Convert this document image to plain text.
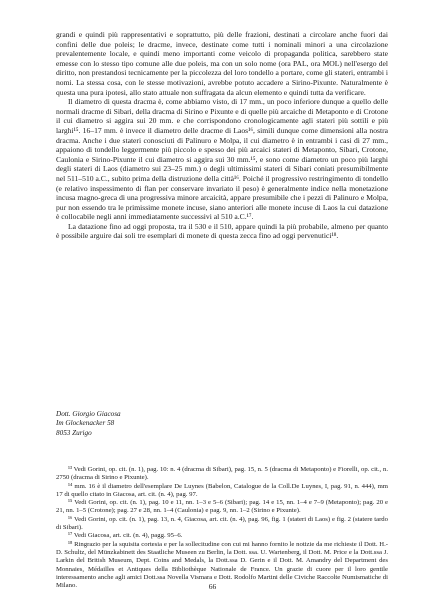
grandi e quindi più rappresentativi e soprattutto, più delle frazioni, destinati a circolare anche fuori dai confini delle due poleis; le dracme, invece, destinate come tutti i nominali minori a una circolazione prevalentemente locale, e quindi meno importanti come veicolo di propaganda politica, sarebbero state emesse con lo stesso tipo comune alle due poleis, ma con un solo nome (ora PAL, ora MOL) nell'esergo del diritto, non prestandosi tecnicamente per la piccolezza del loro tondello a portare, come gli stateri, entrambi i nomi. La stessa cosa, con le stesse motivazioni, avrebbe potuto accadere a Sirino-Pixunte. Naturalmente è questa una pura ipotesi, allo stato attuale non suffragata da alcun elemento e quindi tutta da verificare.

Il diametro di questa dracma è, come abbiamo visto, di 17 mm., un poco inferiore dunque a quello delle normali dracme di Sibari, della dracma di Sirino e Pixunte e di quelle più arcaiche di Metaponto e di Crotone il cui diametro si aggira sui 20 mm. e che corrispondono cronologicamente agli stateri più sottili e più larghi¹⁵. 16–17 mm. è invece il diametro delle dracme di Laos¹⁶, simili dunque come dimensioni alla nostra dracma. Anche i due stateri conosciuti di Palinuro e Molpa, il cui diametro è in entrambi i casi di 27 mm., appaiono di tondello leggermente più piccolo e spesso dei più arcaici stateri di Metaponto, Sibari, Crotone, Caulonia e Sirino-Pixunte il cui diametro si aggira sui 30 mm.¹⁵, e sono come diametro un poco più larghi degli stateri di Laos (diametro sui 23–25 mm.) o degli ultimissimi stateri di Sibari coniati presumibilmente nel 511–510 a.C., subito prima della distruzione della città¹⁶. Poiché il progressivo restringimento di tondello (e relativo inspessimento di flan per conservare invariato il peso) è generalmente indice nella monetazione incusa magno-greca di una progressiva minore arcaicità, appare presumibile che i pezzi di Palinuro e Molpa, pur non essendo tra le primissime monete incuse, siano anteriori alle monete incuse di Laos la cui datazione è collocabile negli anni immediatamente successivi al 510 a.C.¹⁷.

La datazione fino ad oggi proposta, tra il 530 e il 510, appare quindi la più probabile, almeno per quanto è possibile arguire dai soli tre esemplari di monete di questa zecca fino ad oggi pervenutici¹⁸.

Dott. Giorgio Giacosa
Im Glockenacker 58
8053 Zurigo

¹³ Vedi Gorini, op. cit. (n. 1), pag. 10: n. 4 (dracma di Sibari), pag. 15, n. 5 (dracma di Metaponto) e Fiorelli, op. cit., n. 2750 (dracma di Sirino e Pixunte).

¹⁴ mm. 16 è il diametro dell'esemplare De Luynes (Babelon, Catalogue de la Coll.De Luynes, I, pag. 91, n. 444), mm 17 di quello citato in Giacosa, art. cit. (n. 4), pag. 97.

¹⁵ Vedi Gorini, op. cit. (n. 1), pag. 10 e 11, nn. 1–3 e 5–6 (Sibari); pag. 14 e 15, nn. 1–4 e 7–9 (Metaponto); pag. 20 e 21, nn. 1–5 (Crotone); pag. 27 e 28, nn. 1–4 (Caulonia) e pag. 9, nn. 1–2 (Sirino e Pixunte).

¹⁶ Vedi Gorini, op. cit. (n. 1), pag. 13, n. 4, Giacosa, art. cit. (n. 4), pag. 96, fig. 1 (stateri di Laos) e fig. 2 (statere tardo di Sibari).

¹⁷ Vedi Giacosa, art. cit. (n. 4), pagg. 95–6.

¹⁸ Ringrazio per la squisita cortesia e per la sollecitudine con cui mi hanno fornito le notizie da me richieste il Dott. H.-D. Schultz, del Münzkabinett des Staatliche Museen zu Berlin, la Dott. ssa. U. Wartenberg, il Dott. M. Price e la Dott.ssa J. Larkin del British Museum, Dept. Coins and Medals, la Dott.ssa D. Gerin e il Dott. M. Amandry del Department des Monnaies, Médailles et Antiques della Bibliothèque Nationale de France. Un grazie di cuore per il loro gentile interessamento anche agli amici Dott.ssa Novella Vismara e Dott. Rodolfo Martini delle Civiche Raccolte Numismatiche di Milano.	66
